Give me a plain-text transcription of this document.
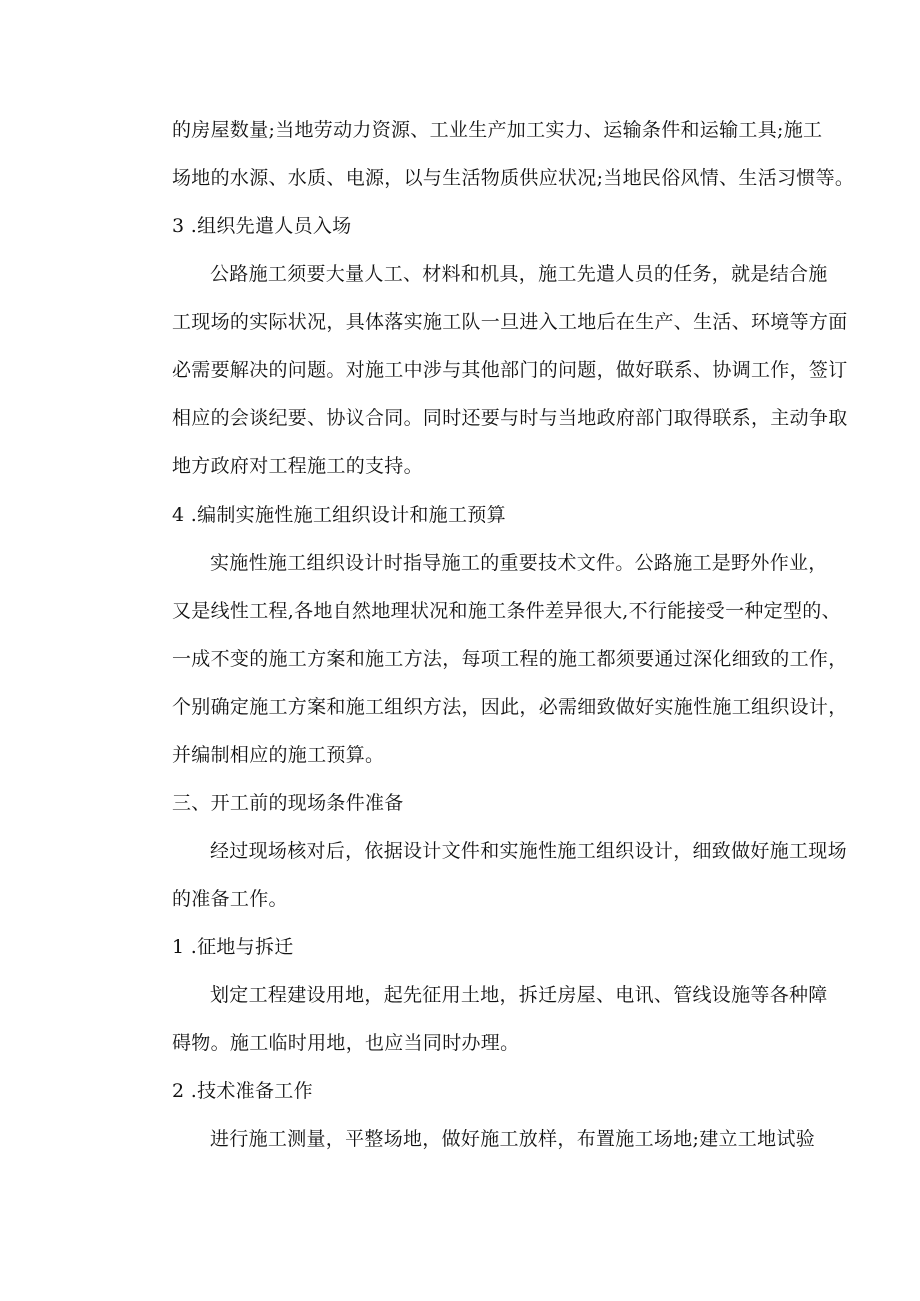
的房屋数量;当地劳动力资源、工业生产加工实力、运输条件和运输工具;施工
场地的水源、水质、电源，以与生活物质供应状况;当地民俗风情、生活习惯等。
3 .组织先遣人员入场
公路施工须要大量人工、材料和机具，施工先遣人员的任务，就是结合施
工现场的实际状况，具体落实施工队一旦进入工地后在生产、生活、环境等方面
必需要解决的问题。对施工中涉与其他部门的问题，做好联系、协调工作，签订
相应的会谈纪要、协议合同。同时还要与时与当地政府部门取得联系，主动争取
地方政府对工程施工的支持。
4 .编制实施性施工组织设计和施工预算
实施性施工组织设计时指导施工的重要技术文件。公路施工是野外作业，
又是线性工程,各地自然地理状况和施工条件差异很大,不行能接受一种定型的、
一成不变的施工方案和施工方法，每项工程的施工都须要通过深化细致的工作，
个别确定施工方案和施工组织方法，因此，必需细致做好实施性施工组织设计，
并编制相应的施工预算。
三、开工前的现场条件准备
经过现场核对后，依据设计文件和实施性施工组织设计，细致做好施工现场
的准备工作。
1 .征地与拆迁
划定工程建设用地，起先征用土地，拆迁房屋、电讯、管线设施等各种障
碍物。施工临时用地，也应当同时办理。
2 .技术准备工作
进行施工测量，平整场地，做好施工放样，布置施工场地;建立工地试验
